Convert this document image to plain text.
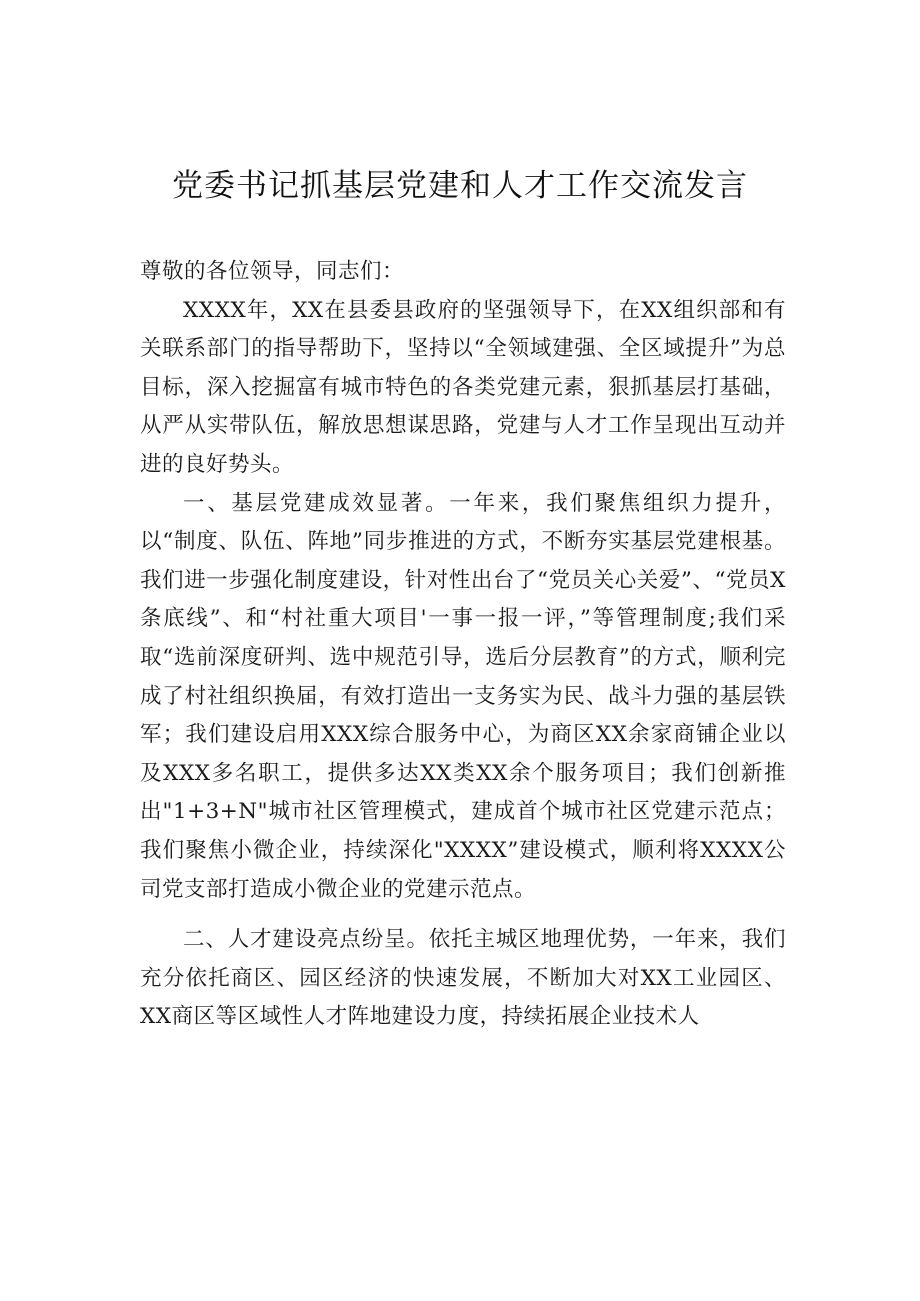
党委书记抓基层党建和人才工作交流发言

尊敬的各位领导，同志们：

XXXX年，XX在县委县政府的坚强领导下，在XX组织部和有关联系部门的指导帮助下，坚持以“全领域建强、全区域提升”为总目标，深入挖掘富有城市特色的各类党建元素，狠抓基层打基础，从严从实带队伍，解放思想谋思路，党建与人才工作呈现出互动并进的良好势头。

一、基层党建成效显著。一年来，我们聚焦组织力提升，以“制度、队伍、阵地”同步推进的方式，不断夯实基层党建根基。我们进一步强化制度建设，针对性出台了“党员关心关爱”、“党员X条底线”、和“村社重大项目'一事一报一评，”等管理制度;我们采取“选前深度研判、选中规范引导，选后分层教育”的方式，顺利完成了村社组织换届，有效打造出一支务实为民、战斗力强的基层铁军；我们建设启用XXX综合服务中心，为商区XX余家商铺企业以及XXX多名职工，提供多达XX类XX余个服务项目；我们创新推出"1+3+N"城市社区管理模式，建成首个城市社区党建示范点；我们聚焦小微企业，持续深化"XXXX”建设模式，顺利将XXXX公司党支部打造成小微企业的党建示范点。

二、人才建设亮点纷呈。依托主城区地理优势，一年来，我们充分依托商区、园区经济的快速发展，不断加大对XX工业园区、XX商区等区域性人才阵地建设力度，持续拓展企业技术人
